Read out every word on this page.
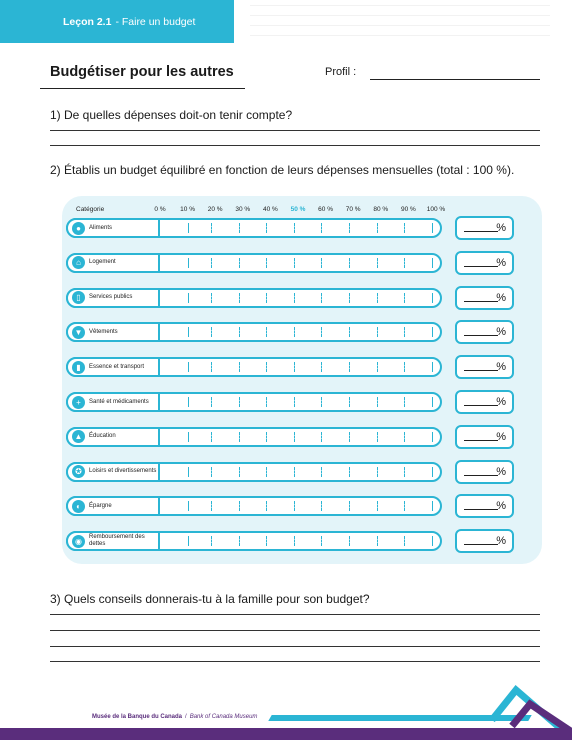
Leçon 2.1 - Faire un budget
Budgétiser pour les autres	Profil :
1) De quelles dépenses doit-on tenir compte?
2) Établis un budget équilibré en fonction de leurs dépenses mensuelles (total : 100 %).
Catégorie	0 % 10 % 20 % 30 % 40 % 50 % 60 % 70 % 80 % 90 % 100 %
●	Aliments	%
⌂	Logement	%
▯	Services publics	%
▼	Vêtements	%
▮	Essence et transport	%
+	Santé et médicaments	%
▲	Éducation	%
✪	Loisirs et divertissements	%
◐	Épargne	%
◉	Remboursement des dettes	%
3) Quels conseils donnerais-tu à la famille pour son budget?
Musée de la Banque du Canada / Bank of Canada Museum
